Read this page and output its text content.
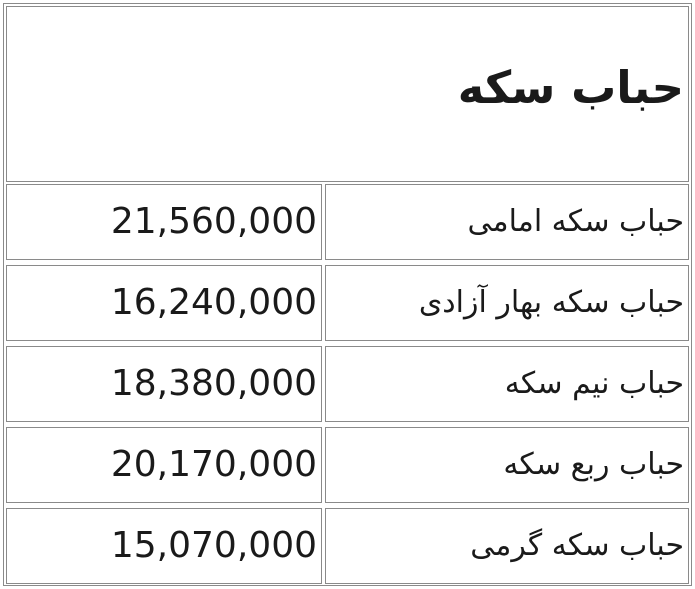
حباب سکه
21,560,000	حباب سکه امامی
16,240,000	حباب سکه بهار آزادی
18,380,000	حباب نیم سکه
20,170,000	حباب ربع سکه
15,070,000	حباب سکه گرمی
